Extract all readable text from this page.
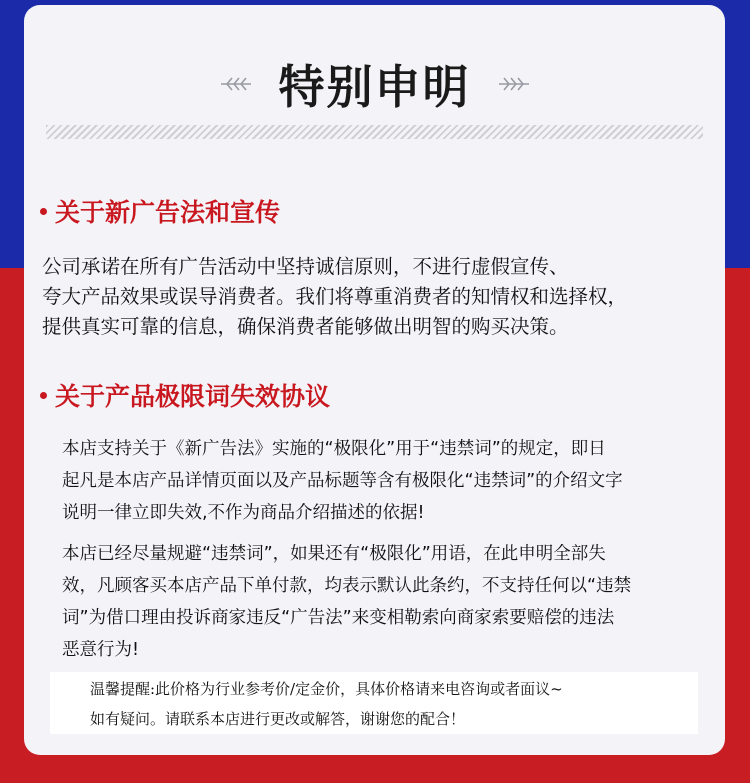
特别申明
关于新广告法和宣传
公司承诺在所有广告活动中坚持诚信原则，不进行虚假宣传、
夸大产品效果或误导消费者。我们将尊重消费者的知情权和选择权，
提供真实可靠的信息，确保消费者能够做出明智的购买决策。
关于产品极限词失效协议
本店支持关于《新广告法》实施的“极限化”用于“违禁词”的规定，即日
起凡是本店产品详情页面以及产品标题等含有极限化“违禁词”的介绍文字
说明一律立即失效,不作为商品介绍描述的依据!
本店已经尽量规避“违禁词”，如果还有“极限化”用语，在此申明全部失
效，凡顾客买本店产品下单付款，均表示默认此条约，不支持任何以“违禁
词”为借口理由投诉商家违反“广告法”来变相勒索向商家索要赔偿的违法
恶意行为!
温馨提醒:此价格为行业参考价/定金价，具体价格请来电咨询或者面议~
如有疑问。请联系本店进行更改或解答，谢谢您的配合！
